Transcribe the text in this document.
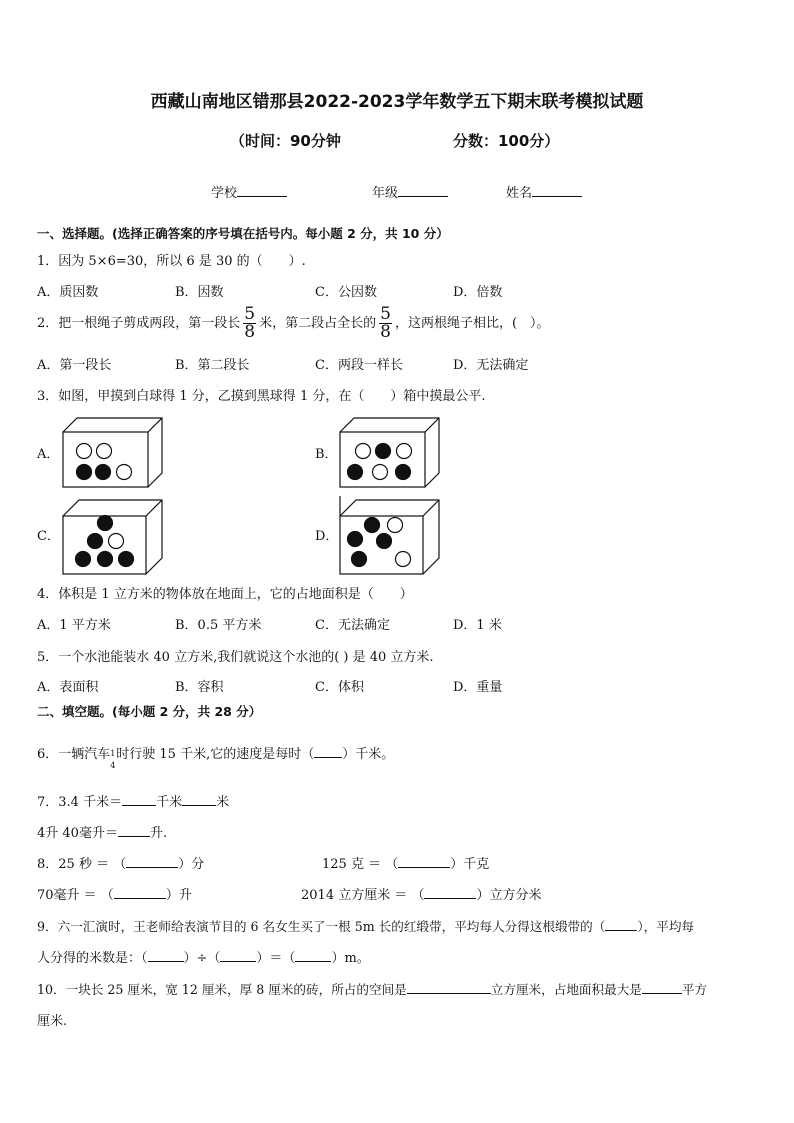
西藏山南地区错那县2022-2023学年数学五下期末联考模拟试题
（时间：90分钟	分数：100分）
学校	年级	姓名
一、选择题。(选择正确答案的序号填在括号内。每小题 2 分，共 10 分）
1．因为 5×6=30，所以 6 是 30 的（　　）.
A．质因数	B．因数	C．公因数	D．倍数
2．把一根绳子剪成两段，第一段长 $\frac{5}{8}$ 米，第二段占全长的 $\frac{5}{8}$ ，这两根绳子相比，(　）。
A．第一段长	B．第二段长	C．两段一样长	D．无法确定
3．如图，甲摸到白球得 1 分，乙摸到黑球得 1 分，在（　　）箱中摸最公平.
A．	B．
C．	D．
4．体积是 1 立方米的物体放在地面上，它的占地面积是（　　）
A．1 平方米	B．0.5 平方米	C．无法确定	D．1 米
5．一个水池能装水 40 立方米,我们就说这个水池的( ) 是 40 立方米.
A．表面积	B．容积	C．体积	D．重量
二、填空题。(每小题 2 分，共 28 分）
6．一辆汽车 1
4
时行驶 15 千米,它的速度是每时（ ）千米。
7．3.4 千米＝	千米	米
4升 40毫升＝ 升.
8．25 秒 ＝ （	）分	125 克 ＝ （	）千克
70毫升 ＝ （	）升	2014 立方厘米 ＝ （	）立方分米
9．六一汇演时，王老师给表演节目的 6 名女生买了一根 5m 长的红缎带，平均每人分得这根缎带的（	），平均每
人分得的米数是：（	）÷（	）＝（	）m。
10．一块长 25 厘米，宽 12 厘米，厚 8 厘米的砖，所占的空间是	立方厘米，占地面积最大是	平方
厘米.
